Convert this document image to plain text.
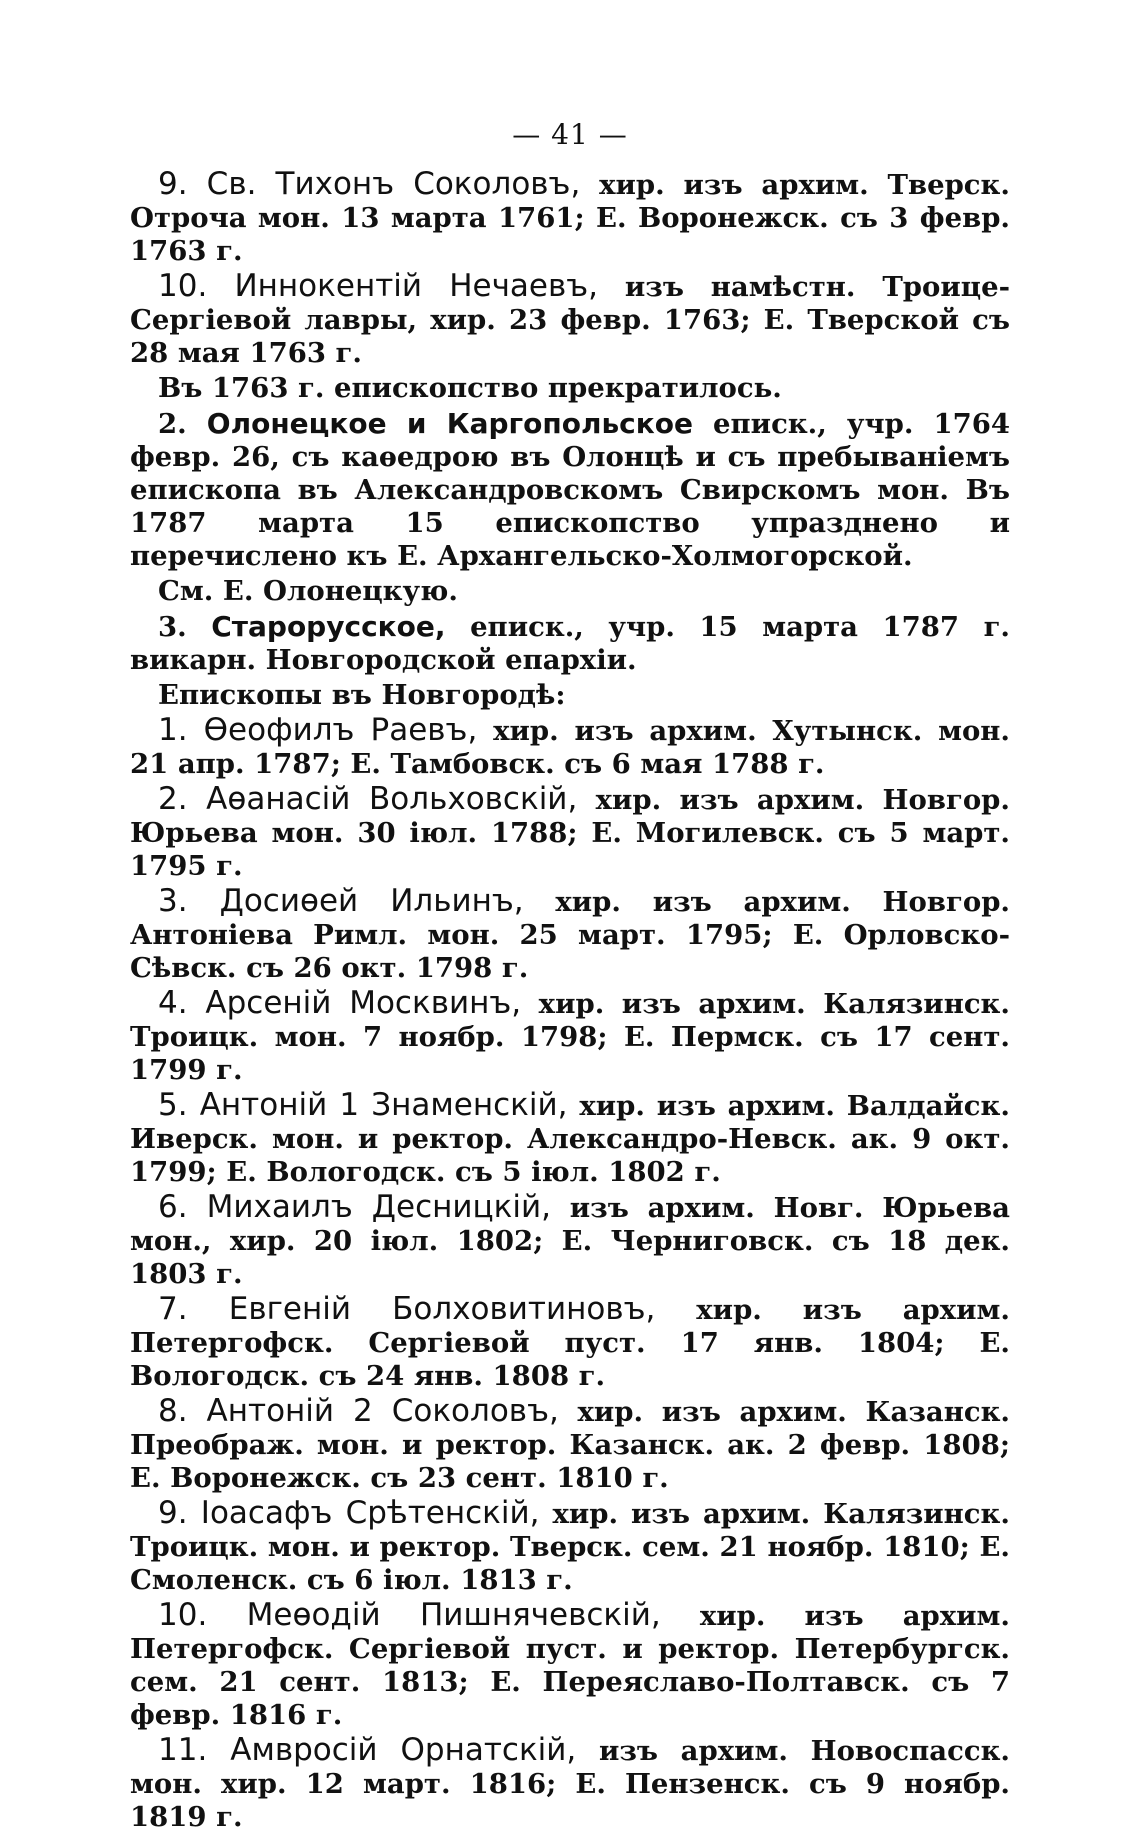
— 41 —

9. Св. Тихонъ Соколовъ, хир. изъ архим. Тверск. Отроча мон. 13 марта 1761; Е. Воронежск. съ 3 февр. 1763 г.

10. Иннокентій Нечаевъ, изъ намѣстн. Троице-Сергіевой лавры, хир. 23 февр. 1763; Е. Тверской съ 28 мая 1763 г.

Въ 1763 г. епископство прекратилось.

2. Олонецкое и Каргопольское еписк., учр. 1764 февр. 26, съ каѳедрою въ Олонцѣ и съ пребываніемъ епископа въ Александровскомъ Свирскомъ мон. Въ 1787 марта 15 епископство упразднено и перечислено къ Е. Архангельско-Холмогорской.

См. Е. Олонецкую.

3. Старорусское, еписк., учр. 15 марта 1787 г. викарн. Новгородской епархіи.

Епископы въ Новгородѣ:

1. Ѳеофилъ Раевъ, хир. изъ архим. Хутынск. мон. 21 апр. 1787; Е. Тамбовск. съ 6 мая 1788 г.

2. Аѳанасій Вольховскій, хир. изъ архим. Новгор. Юрьева мон. 30 іюл. 1788; Е. Могилевск. съ 5 март. 1795 г.

3. Досиѳей Ильинъ, хир. изъ архим. Новгор. Антоніева Римл. мон. 25 март. 1795; Е. Орловско-Сѣвск. съ 26 окт. 1798 г.

4. Арсеній Москвинъ, хир. изъ архим. Калязинск. Троицк. мон. 7 ноябр. 1798; Е. Пермск. съ 17 сент. 1799 г.

5. Антоній 1 Знаменскій, хир. изъ архим. Валдайск. Иверск. мон. и ректор. Александро-Невск. ак. 9 окт. 1799; Е. Вологодск. съ 5 іюл. 1802 г.

6. Михаилъ Десницкій, изъ архим. Новг. Юрьева мон., хир. 20 іюл. 1802; Е. Черниговск. съ 18 дек. 1803 г.

7. Евгеній Болховитиновъ, хир. изъ архим. Петергофск. Сергіевой пуст. 17 янв. 1804; Е. Вологодск. съ 24 янв. 1808 г.

8. Антоній 2 Соколовъ, хир. изъ архим. Казанск. Преображ. мон. и ректор. Казанск. ак. 2 февр. 1808; Е. Воронежск. съ 23 сент. 1810 г.

9. Іоасафъ Срѣтенскій, хир. изъ архим. Калязинск. Троицк. мон. и ректор. Тверск. сем. 21 ноябр. 1810; Е. Смоленск. съ 6 іюл. 1813 г.

10. Меѳодій Пишнячевскій, хир. изъ архим. Петергофск. Сергіевой пуст. и ректор. Петербургск. сем. 21 сент. 1813; Е. Переяславо-Полтавск. съ 7 февр. 1816 г.

11. Амвросій Орнатскій, изъ архим. Новоспасск. мон. хир. 12 март. 1816; Е. Пензенск. съ 9 ноябр. 1819 г.
